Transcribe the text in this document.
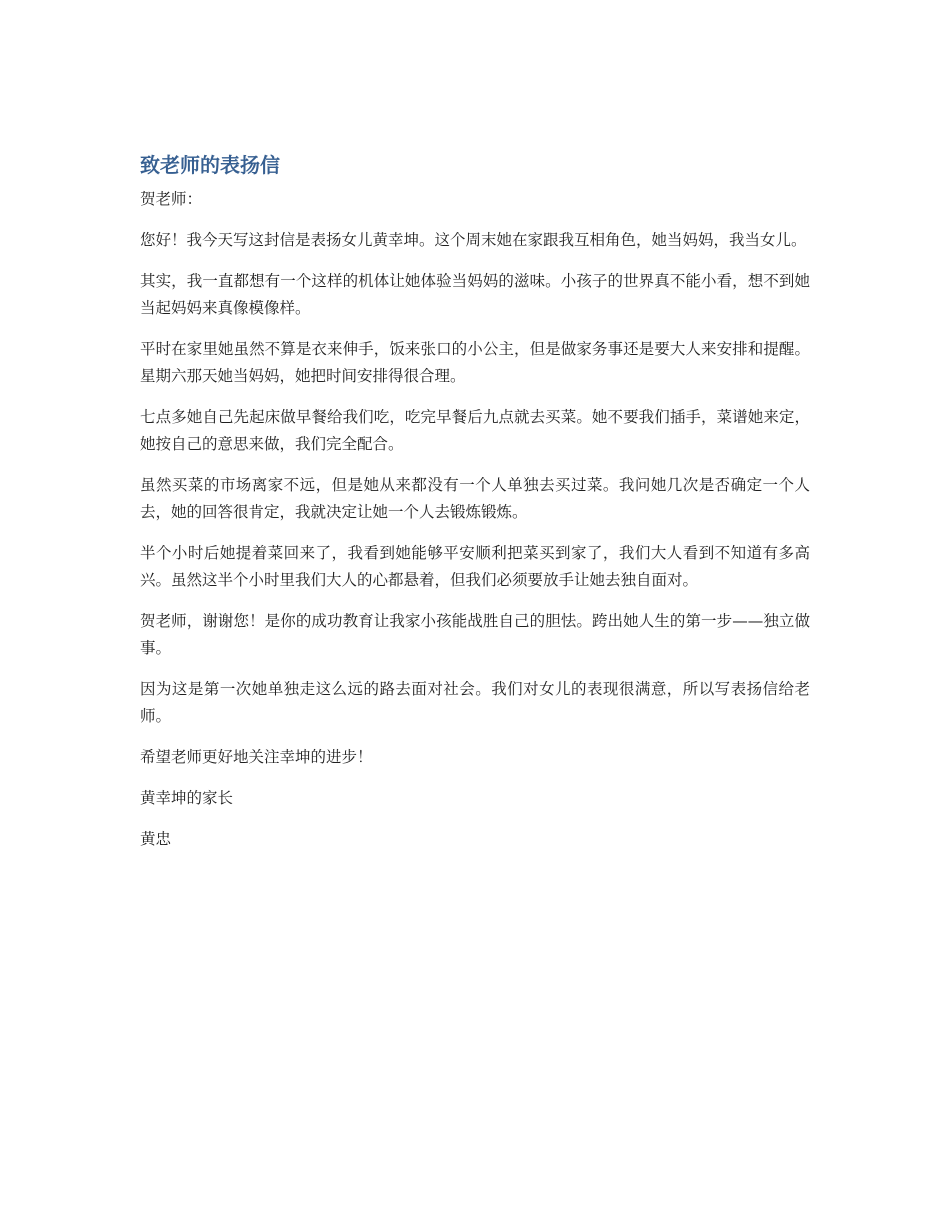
致老师的表扬信

贺老师：

您好！我今天写这封信是表扬女儿黄幸坤。这个周末她在家跟我互相角色，她当妈妈，我当女儿。

其实，我一直都想有一个这样的机体让她体验当妈妈的滋味。小孩子的世界真不能小看，想不到她当起妈妈来真像模像样。

平时在家里她虽然不算是衣来伸手，饭来张口的小公主，但是做家务事还是要大人来安排和提醒。星期六那天她当妈妈，她把时间安排得很合理。

七点多她自己先起床做早餐给我们吃，吃完早餐后九点就去买菜。她不要我们插手，菜谱她来定，她按自己的意思来做，我们完全配合。

虽然买菜的市场离家不远，但是她从来都没有一个人单独去买过菜。我问她几次是否确定一个人去，她的回答很肯定，我就决定让她一个人去锻炼锻炼。

半个小时后她提着菜回来了，我看到她能够平安顺利把菜买到家了，我们大人看到不知道有多高兴。虽然这半个小时里我们大人的心都悬着，但我们必须要放手让她去独自面对。

贺老师，谢谢您！是你的成功教育让我家小孩能战胜自己的胆怯。跨出她人生的第一步——独立做事。

因为这是第一次她单独走这么远的路去面对社会。我们对女儿的表现很满意，所以写表扬信给老师。

希望老师更好地关注幸坤的进步！

黄幸坤的家长

黄忠
